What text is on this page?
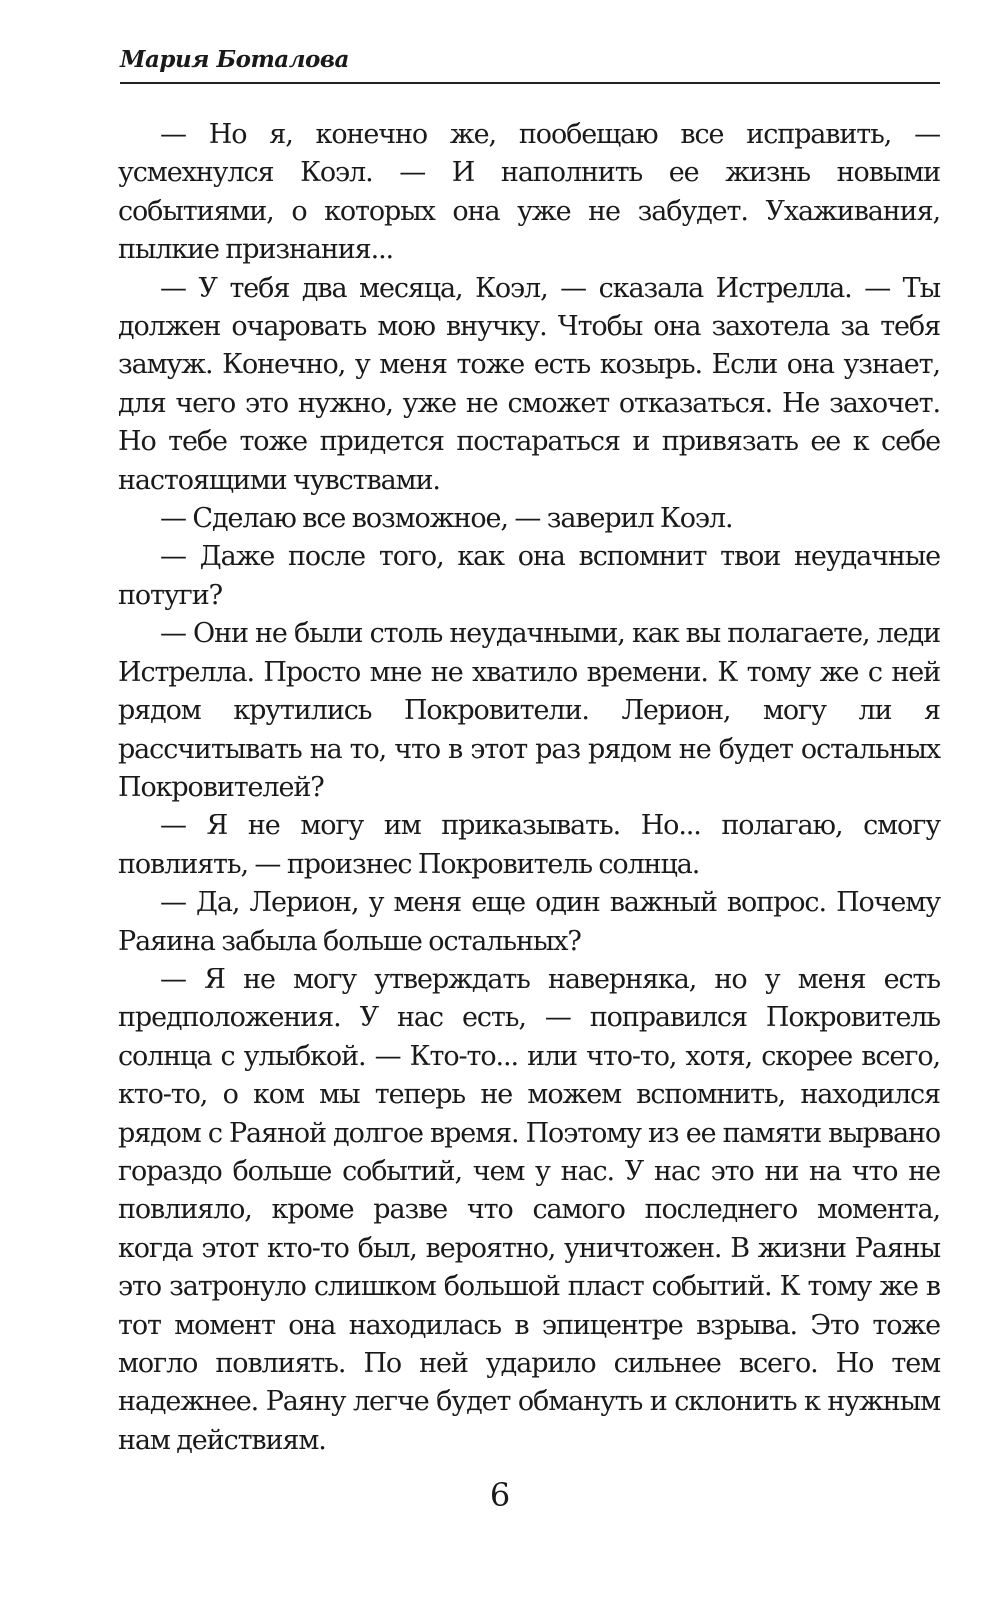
Мария Боталова

— Но я, конечно же, пообещаю все исправить, — усмехнулся Коэл. — И наполнить ее жизнь новыми событиями, о которых она уже не забудет. Ухаживания, пылкие признания...

— У тебя два месяца, Коэл, — сказала Истрелла. — Ты должен очаровать мою внучку. Чтобы она захотела за тебя замуж. Конечно, у меня тоже есть козырь. Если она узнает, для чего это нужно, уже не сможет отказаться. Не захочет. Но тебе тоже придется постараться и привязать ее к себе настоящими чувствами.

— Сделаю все возможное, — заверил Коэл.

— Даже после того, как она вспомнит твои неудачные потуги?

— Они не были столь неудачными, как вы полагаете, леди Истрелла. Просто мне не хватило времени. К тому же с ней рядом крутились Покровители. Лерион, могу ли я рассчитывать на то, что в этот раз рядом не будет остальных Покровителей?

— Я не могу им приказывать. Но... полагаю, смогу повлиять, — произнес Покровитель солнца.

— Да, Лерион, у меня еще один важный вопрос. Почему Раяина забыла больше остальных?

— Я не могу утверждать наверняка, но у меня есть предположения. У нас есть, — поправился Покровитель солнца с улыбкой. — Кто-то... или что-то, хотя, скорее всего, кто-то, о ком мы теперь не можем вспомнить, находился рядом с Раяной долгое время. Поэтому из ее памяти вырвано гораздо больше событий, чем у нас. У нас это ни на что не повлияло, кроме разве что самого последнего момента, когда этот кто-то был, вероятно, уничтожен. В жизни Раяны это затронуло слишком большой пласт событий. К тому же в тот момент она находилась в эпицентре взрыва. Это тоже могло повлиять. По ней ударило сильнее всего. Но тем надежнее. Раяну легче будет обмануть и склонить к нужным нам действиям.

6
